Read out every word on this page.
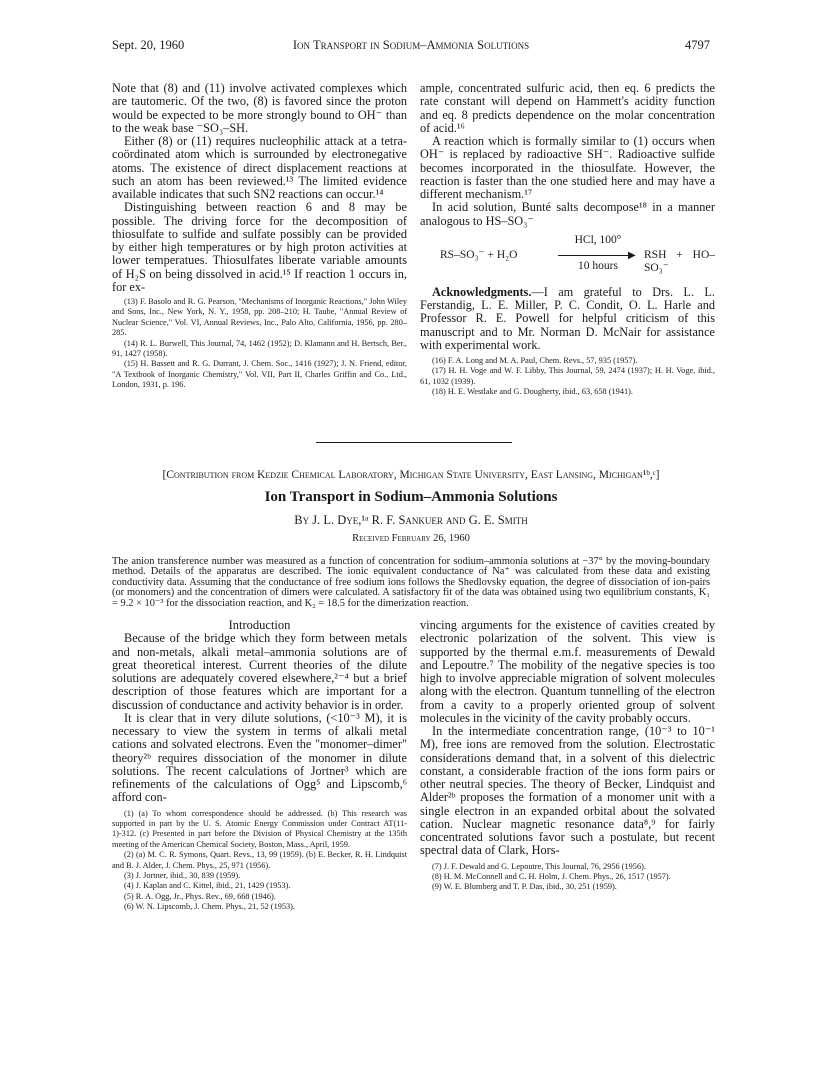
Sept. 20, 1960	Ion Transport in Sodium–Ammonia Solutions	4797

Note that (8) and (11) involve activated complexes which are tautomeric. Of the two, (8) is favored since the proton would be expected to be more strongly bound to OH⁻ than to the weak base ⁻SO₃–SH.

Either (8) or (11) requires nucleophilic attack at a tetra-coördinated atom which is surrounded by electronegative atoms. The existence of direct displacement reactions at such an atom has been reviewed.¹³ The limited evidence available indicates that such SN2 reactions can occur.¹⁴

Distinguishing between reaction 6 and 8 may be possible. The driving force for the decomposition of thiosulfate to sulfide and sulfate possibly can be provided by either high temperatures or by high proton activities at lower temperatues. Thiosulfates liberate variable amounts of H₂S on being dissolved in acid.¹⁵ If reaction 1 occurs in, for ex-

(13) F. Basolo and R. G. Pearson, "Mechanisms of Inorganic Reactions," John Wiley and Sons, Inc., New York, N. Y., 1958, pp. 208–210; H. Taube, "Annual Review of Nuclear Science," Vol. VI, Annual Reviews, Inc., Palo Alto, California, 1956, pp. 280–285.

(14) R. L. Burwell, This Journal, 74, 1462 (1952); D. Klamann and H. Bertsch, Ber., 91, 1427 (1958).

(15) H. Bassett and R. G. Durrant, J. Chem. Soc., 1416 (1927); J. N. Friend, editor, "A Textbook of Inorganic Chemistry," Vol. VII, Part II, Charles Griffin and Co., Ltd., London, 1931, p. 196.

ample, concentrated sulfuric acid, then eq. 6 predicts the rate constant will depend on Hammett's acidity function and eq. 8 predicts dependence on the molar concentration of acid.¹⁶

A reaction which is formally similar to (1) occurs when OH⁻ is replaced by radioactive SH⁻. Radioactive sulfide becomes incorporated in the thiosulfate. However, the reaction is faster than the one studied here and may have a different mechanism.¹⁷

In acid solution, Bunté salts decompose¹⁸ in a manner analogous to HS–SO₃⁻

RS–SO₃⁻ + H₂O
HCl, 100°
▶
10 hours
RSH + HO–SO₃⁻

Acknowledgments.—I am grateful to Drs. L. L. Ferstandig, L. E. Miller, P. C. Condit, O. L. Harle and Professor R. E. Powell for helpful criticism of this manuscript and to Mr. Norman D. McNair for assistance with experimental work.

(16) F. A. Long and M. A. Paul, Chem. Revs., 57, 935 (1957).

(17) H. H. Voge and W. F. Libby, This Journal, 59, 2474 (1937); H. H. Voge, ibid., 61, 1032 (1939).

(18) H. E. Westlake and G. Dougherty, ibid., 63, 658 (1941).

[Contribution from Kedzie Chemical Laboratory, Michigan State University, East Lansing, Michigan¹ᵇ,ᶜ]
Ion Transport in Sodium–Ammonia Solutions
By J. L. Dye,¹ᵃ R. F. Sankuer and G. E. Smith
Received February 26, 1960

The anion transference number was measured as a function of concentration for sodium–ammonia solutions at −37° by the moving-boundary method. Details of the apparatus are described. The ionic equivalent conductance of Na⁺ was calculated from these data and existing conductivity data. Assuming that the conductance of free sodium ions follows the Shedlovsky equation, the degree of dissociation of ion-pairs (or monomers) and the concentration of dimers were calculated. A satisfactory fit of the data was obtained using two equilibrium constants, K₁ = 9.2 × 10⁻³ for the dissociation reaction, and K₂ = 18.5 for the dimerization reaction.

Introduction

Because of the bridge which they form between metals and non-metals, alkali metal–ammonia solutions are of great theoretical interest. Current theories of the dilute solutions are adequately covered elsewhere,²⁻⁴ but a brief description of those features which are important for a discussion of conductance and activity behavior is in order.

It is clear that in very dilute solutions, (<10⁻³ M), it is necessary to view the system in terms of alkali metal cations and solvated electrons. Even the "monomer–dimer" theory²ᵇ requires dissociation of the monomer in dilute solutions. The recent calculations of Jortner³ which are refinements of the calculations of Ogg⁵ and Lipscomb,⁶ afford con-

(1) (a) To whom correspondence should be addressed. (b) This research was supported in part by the U. S. Atomic Energy Commission under Contract AT(11-1)-312. (c) Presented in part before the Division of Physical Chemistry at the 135th meeting of the American Chemical Society, Boston, Mass., April, 1959.

(2) (a) M. C. R. Symons, Quart. Revs., 13, 99 (1959). (b) E. Becker, R. H. Lindquist and B. J. Alder, J. Chem. Phys., 25, 971 (1956).

(3) J. Jortner, ibid., 30, 839 (1959).

(4) J. Kaplan and C. Kittel, ibid., 21, 1429 (1953).

(5) R. A. Ogg, Jr., Phys. Rev., 69, 668 (1946).

(6) W. N. Lipscomb, J. Chem. Phys., 21, 52 (1953).

vincing arguments for the existence of cavities created by electronic polarization of the solvent. This view is supported by the thermal e.m.f. measurements of Dewald and Lepoutre.⁷ The mobility of the negative species is too high to involve appreciable migration of solvent molecules along with the electron. Quantum tunnelling of the electron from a cavity to a properly oriented group of solvent molecules in the vicinity of the cavity probably occurs.

In the intermediate concentration range, (10⁻³ to 10⁻¹ M), free ions are removed from the solution. Electrostatic considerations demand that, in a solvent of this dielectric constant, a considerable fraction of the ions form pairs or other neutral species. The theory of Becker, Lindquist and Alder²ᵇ proposes the formation of a monomer unit with a single electron in an expanded orbital about the solvated cation. Nuclear magnetic resonance data⁸,⁹ for fairly concentrated solutions favor such a postulate, but recent spectral data of Clark, Hors-

(7) J. F. Dewald and G. Lepoutre, This Journal, 76, 2956 (1956).

(8) H. M. McConnell and C. H. Holm, J. Chem. Phys., 26, 1517 (1957).

(9) W. E. Blumberg and T. P. Das, ibid., 30, 251 (1959).
